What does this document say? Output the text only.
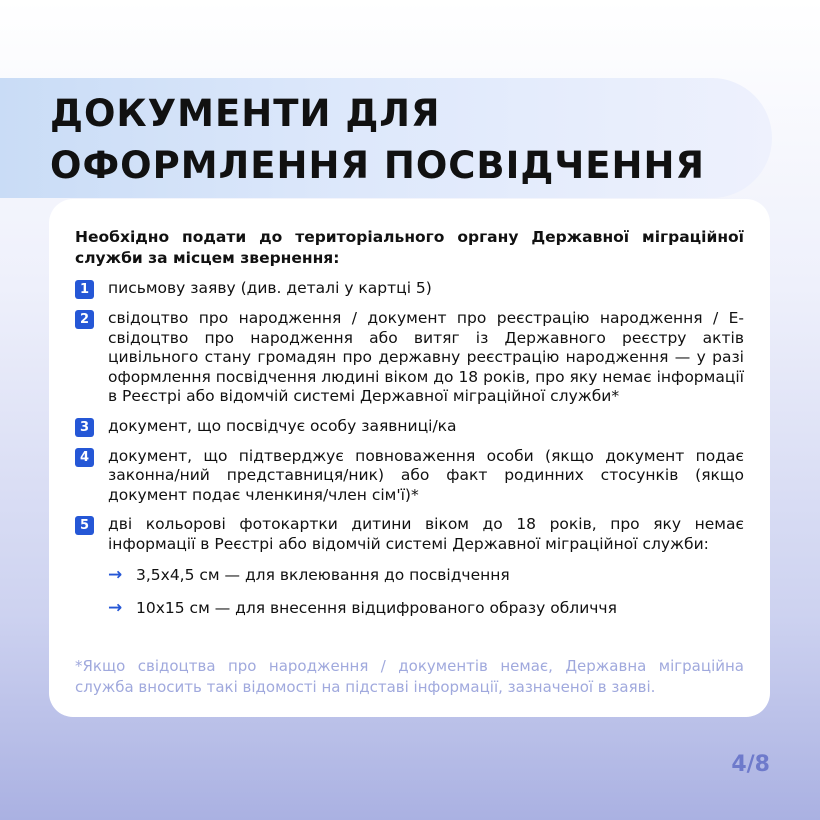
ДОКУМЕНТИ ДЛЯ ОФОРМЛЕННЯ ПОСВІДЧЕННЯ

Необхідно подати до територіального органу Державної міграційної служби за місцем звернення:

1	письмову заяву (див. деталі у картці 5)
2	свідоцтво про народження / документ про реєстрацію народження / Е-свідоцтво про народження або витяг із Державного реєстру актів цивільного стану громадян про державну реєстрацію народження — у разі оформлення посвідчення людині віком до 18 років, про яку немає інформації в Реєстрі або відомчій системі Державної міграційної служби*
3	документ, що посвідчує особу заявниці/ка
4	документ, що підтверджує повноваження особи (якщо документ подає законна/ний представниця/ник) або факт родинних стосунків (якщо документ подає членкиня/член сім'ї)*
5	дві кольорові фотокартки дитини віком до 18 років, про яку немає інформації в Реєстрі або відомчій системі Державної міграційної служби:
→ 3,5х4,5 см — для вклеювання до посвідчення
→ 10х15 см — для внесення відцифрованого образу обличчя

*Якщо свідоцтва про народження / документів немає, Державна міграційна служба вносить такі відомості на підставі інформації, зазначеної в заяві.

4/8
